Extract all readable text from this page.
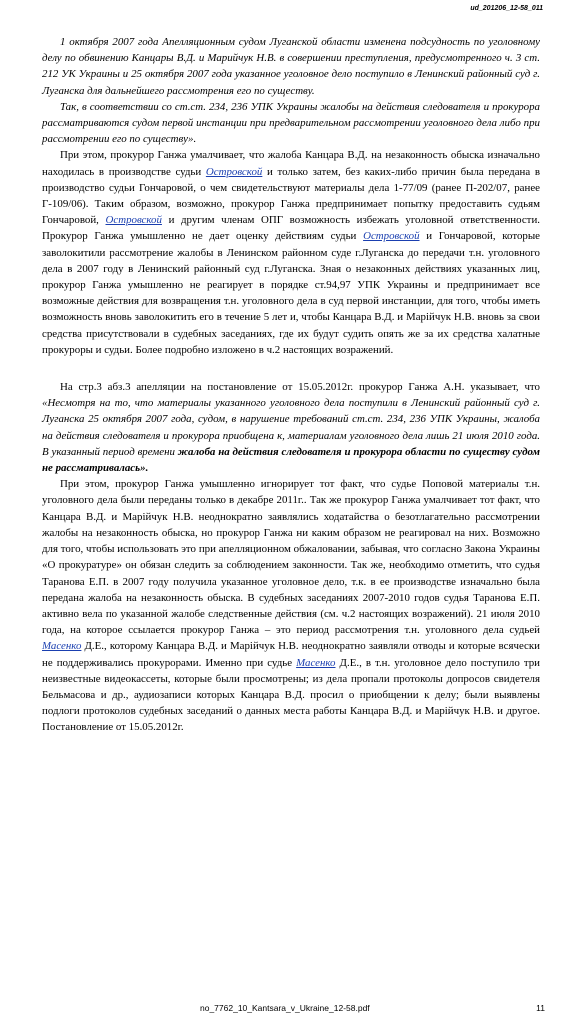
ud_201206_12-58_011

1 октября 2007 года Апелляционным судом Луганской области изменена подсудность по уголовному делу по обвинению Канцары В.Д. и Марийчук Н.В. в совершении преступления, предусмотренного ч. 3 ст. 212 УК Украины и 25 октября 2007 года указанное уголовное дело поступило в Ленинский районный суд г. Луганска для дальнейшего рассмотрения его по существу.

Так, в соответствии со ст.ст. 234, 236 УПК Украины жалобы на действия следователя и прокурора рассматриваются судом первой инстанции при предварительном рассмотрении уголовного дела либо при рассмотрении его по существу».

При этом, прокурор Ганжа умалчивает, что жалоба Канцара В.Д. на незаконность обыска изначально находилась в производстве судьи Островской и только затем, без каких-либо причин была передана в производство судьи Гончаровой, о чем свидетельствуют материалы дела 1-77/09 (ранее П-202/07, ранее Г-109/06). Таким образом, возможно, прокурор Ганжа предпринимает попытку предоставить судьям Гончаровой, Островской и другим членам ОПГ возможность избежать уголовной ответственности. Прокурор Ганжа умышленно не дает оценку действиям судьи Островской и Гончаровой, которые заволокитили рассмотрение жалобы в Ленинском районном суде г.Луганска до передачи т.н. уголовного дела в 2007 году в Ленинский районный суд г.Луганска. Зная о незаконных действиях указанных лиц, прокурор Ганжа умышленно не реагирует в порядке ст.94,97 УПК Украины и предпринимает все возможные действия для возвращения т.н. уголовного дела в суд первой инстанции, для того, чтобы иметь возможность вновь заволокитить его в течение 5 лет и, чтобы Канцара В.Д. и Марійчук Н.В. вновь за свои средства присутствовали в судебных заседаниях, где их будут судить опять же за их средства халатные прокуроры и судьи. Более подробно изложено в ч.2 настоящих возражений.

На стр.3 абз.3 апелляции на постановление от 15.05.2012г. прокурор Ганжа А.Н. указывает, что «Несмотря на то, что материалы указанного уголовного дела поступили в Ленинский районный суд г. Луганска 25 октября 2007 года, судом, в нарушение требований ст.ст. 234, 236 УПК Украины, жалоба на действия следователя и прокурора приобщена к, материалам уголовного дела лишь 21 июля 2010 года. В указанный период времени жалоба на действия следователя и прокурора области по существу судом не рассматривалась».

При этом, прокурор Ганжа умышленно игнорирует тот факт, что судье Поповой материалы т.н. уголовного дела были переданы только в декабре 2011г.. Так же прокурор Ганжа умалчивает тот факт, что Канцара В.Д. и Марійчук Н.В. неоднократно заявлялись ходатайства о безотлагательно рассмотрении жалобы на незаконность обыска, но прокурор Ганжа ни каким образом не реагировал на них. Возможно для того, чтобы использовать это при апелляционном обжаловании, забывая, что согласно Закона Украины «О прокуратуре» он обязан следить за соблюдением законности. Так же, необходимо отметить, что судья Таранова Е.П. в 2007 году получила указанное уголовное дело, т.к. в ее производстве изначально была передана жалоба на незаконность обыска. В судебных заседаниях 2007-2010 годов судья Таранова Е.П. активно вела по указанной жалобе следственные действия (см. ч.2 настоящих возражений). 21 июля 2010 года, на которое ссылается прокурор Ганжа – это период рассмотрения т.н. уголовного дела судьей Масенко Д.Е., которому Канцара В.Д. и Марійчук Н.В. неоднократно заявляли отводы и которые всячески не поддерживались прокурорами. Именно при судье Масенко Д.Е., в т.н. уголовное дело поступило три неизвестные видеокассеты, которые были просмотрены; из дела пропали протоколы допросов свидетеля Бельмасова и др., аудиозаписи которых Канцара В.Д. просил о приобщении к делу; были выявлены подлоги протоколов судебных заседаний о данных места работы Канцара В.Д. и Марійчук Н.В. и другое. Постановление от 15.05.2012г.

no_7762_10_Kantsara_v_Ukraine_12-58.pdf	11
